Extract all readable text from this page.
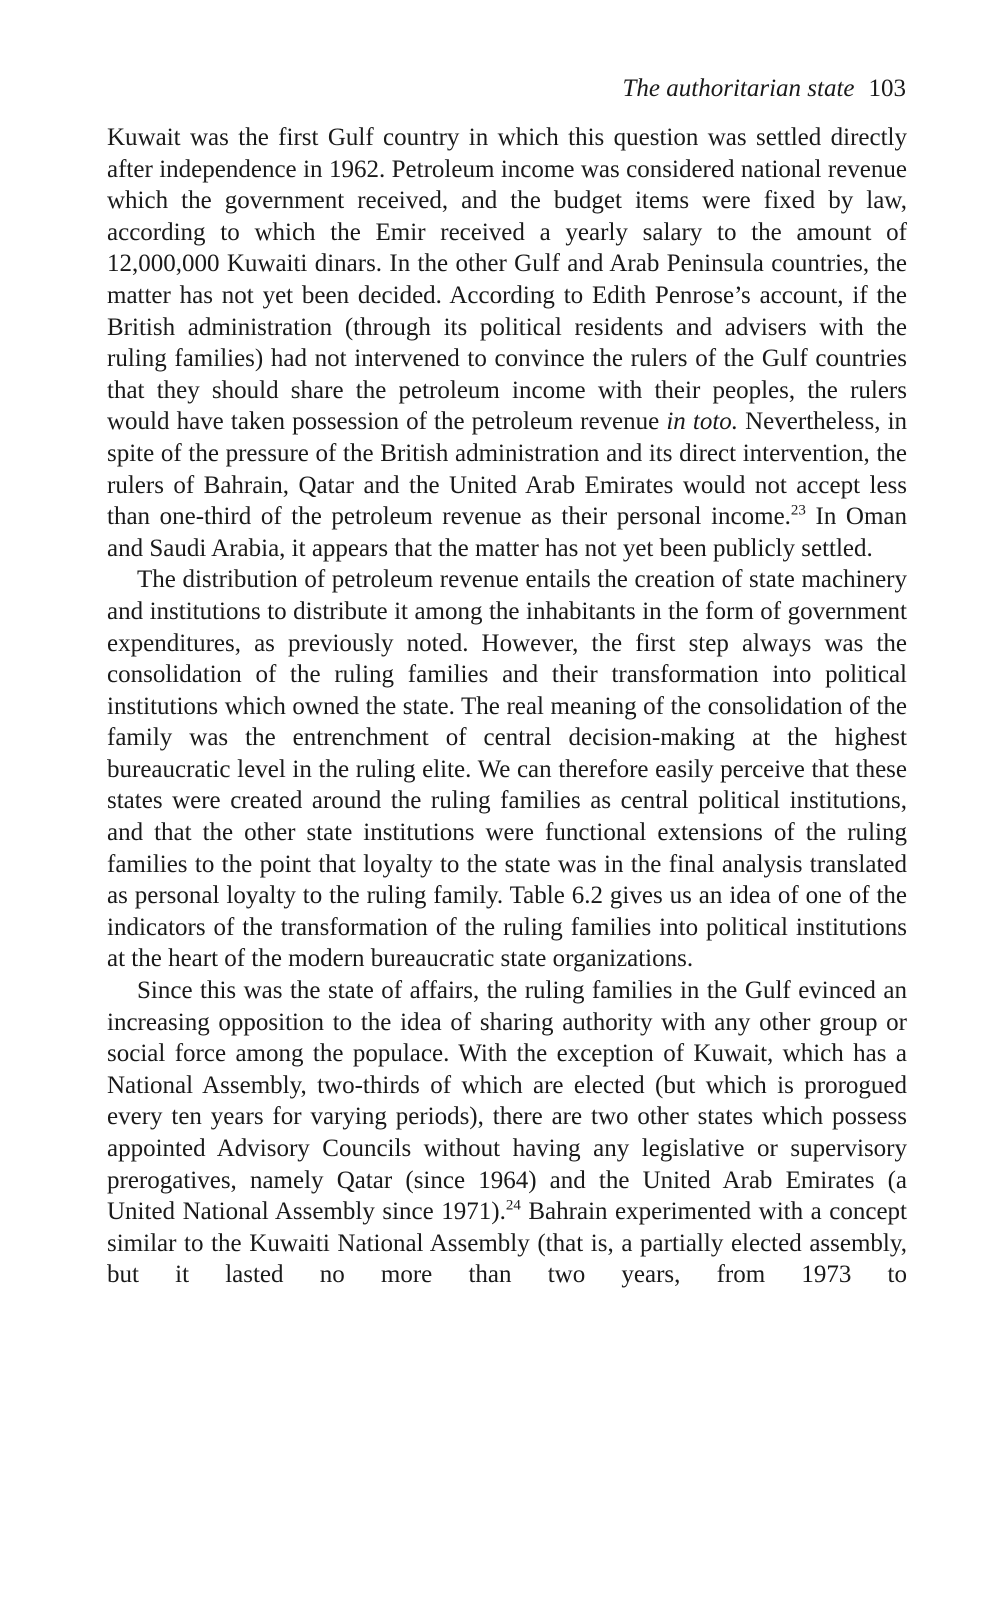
The authoritarian state 103

Kuwait was the first Gulf country in which this question was settled directly after independence in 1962. Petroleum income was considered national revenue which the government received, and the budget items were fixed by law, according to which the Emir received a yearly salary to the amount of 12,000,000 Kuwaiti dinars. In the other Gulf and Arab Peninsula countries, the matter has not yet been decided. According to Edith Penrose’s account, if the British administration (through its political residents and advisers with the ruling families) had not intervened to convince the rulers of the Gulf countries that they should share the petroleum income with their peoples, the rulers would have taken possession of the petroleum revenue in toto. Nevertheless, in spite of the pressure of the British administration and its direct intervention, the rulers of Bahrain, Qatar and the United Arab Emirates would not accept less than one-third of the petroleum revenue as their personal income.$^{23}$ In Oman and Saudi Arabia, it appears that the matter has not yet been publicly settled.

The distribution of petroleum revenue entails the creation of state machinery and institutions to distribute it among the inhabitants in the form of government expenditures, as previously noted. However, the first step always was the consolidation of the ruling families and their transformation into political institutions which owned the state. The real meaning of the consolidation of the family was the entrenchment of central decision-making at the highest bureaucratic level in the ruling elite. We can therefore easily perceive that these states were created around the ruling families as central political institutions, and that the other state institutions were functional extensions of the ruling families to the point that loyalty to the state was in the final analysis translated as personal loyalty to the ruling family. Table 6.2 gives us an idea of one of the indicators of the transformation of the ruling families into political institutions at the heart of the modern bureaucratic state organizations.

Since this was the state of affairs, the ruling families in the Gulf evinced an increasing opposition to the idea of sharing authority with any other group or social force among the populace. With the exception of Kuwait, which has a National Assembly, two-thirds of which are elected (but which is prorogued every ten years for varying periods), there are two other states which possess appointed Advisory Councils without having any legislative or supervisory prerogatives, namely Qatar (since 1964) and the United Arab Emirates (a United National Assembly since 1971).$^{24}$ Bahrain experimented with a concept similar to the Kuwaiti National Assembly (that is, a partially elected assembly, but it lasted no more than two years, from 1973 to
